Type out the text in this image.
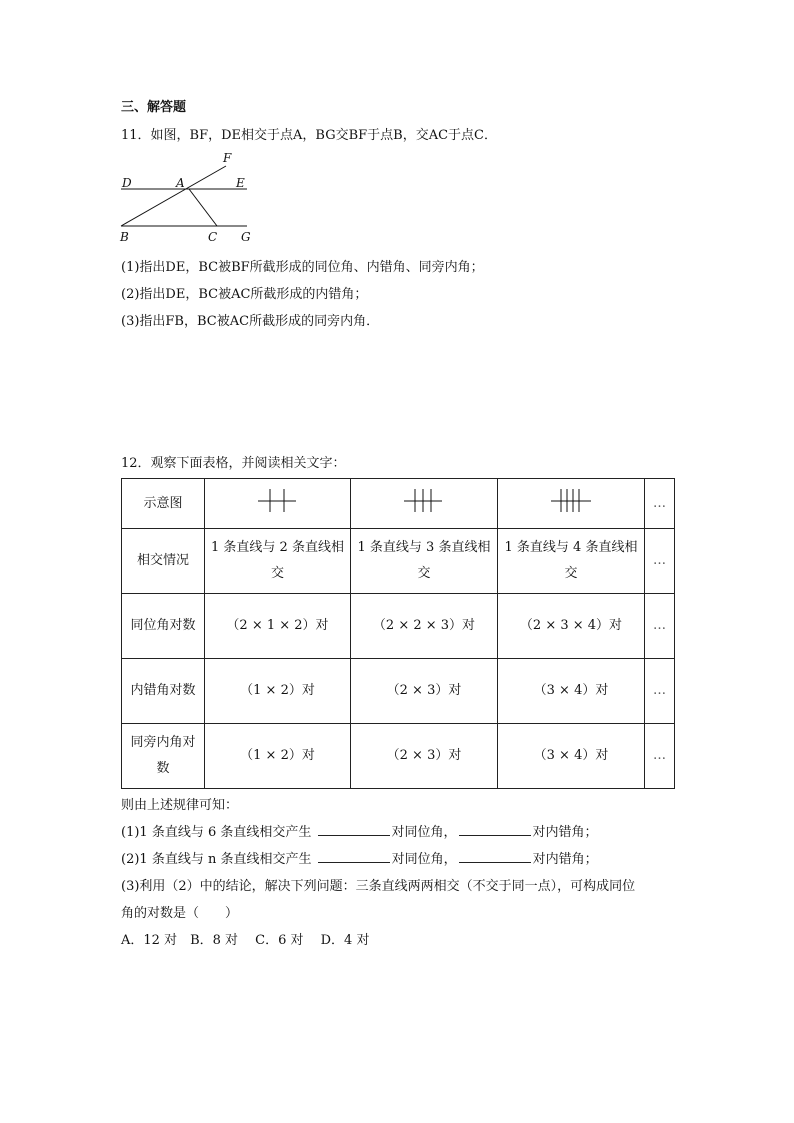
三、解答题
11．如图，BF，DE相交于点A，BG交BF于点B，交AC于点C．
F
D	A	E
B	C G
(1)指出DE，BC被BF所截形成的同位角、内错角、同旁内角；
(2)指出DE，BC被AC所截形成的内错角；
(3)指出FB，BC被AC所截形成的同旁内角．
12．观察下面表格，并阅读相关文字：
示意图				…
相交情况	1 条直线与 2 条直线相交	1 条直线与 3 条直线相交	1 条直线与 4 条直线相交	…
同位角对数	（2 × 1 × 2）对	（2 × 2 × 3）对	（2 × 3 × 4）对	…
内错角对数	（1 × 2）对	（2 × 3）对	（3 × 4）对	…
同旁内角对数	（1 × 2）对	（2 × 3）对	（3 × 4）对	…
则由上述规律可知：
(1)1 条直线与 6 条直线相交产生	对同位角，	对内错角；
(2)1 条直线与 n 条直线相交产生	对同位角，	对内错角；
(3)利用（2）中的结论，解决下列问题：三条直线两两相交（不交于同一点），可构成同位
角的对数是（　　）
A．12 对　B．8 对　 C．6 对　 D．4 对
